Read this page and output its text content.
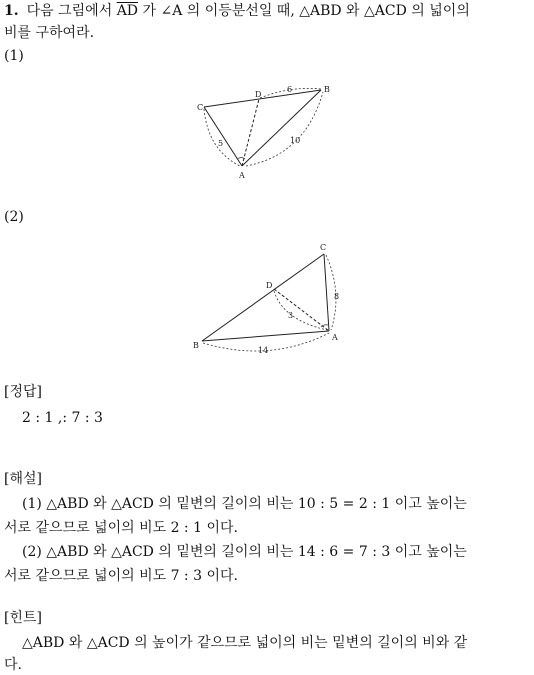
1. 다음 그림에서 $\overline{AD}$ 가 ∠A 의 이등분선일 때, △ABD 와 △ACD 의 넓이의
비를 구하여라.
(1)
C
D
B
A
6
5	10
(2)
C
D
B
A
8
3
14
[정답]
2 : 1 ,: 7 : 3
[해설]
(1) △ABD 와 △ACD 의 밑변의 길이의 비는 10 : 5 = 2 : 1 이고 높이는
서로 같으므로 넓이의 비도 2 : 1 이다.
(2) △ABD 와 △ACD 의 밑변의 길이의 비는 14 : 6 = 7 : 3 이고 높이는
서로 같으므로 넓이의 비도 7 : 3 이다.
[힌트]
△ABD 와 △ACD 의 높이가 같으므로 넓이의 비는 밑변의 길이의 비와 같
다.
